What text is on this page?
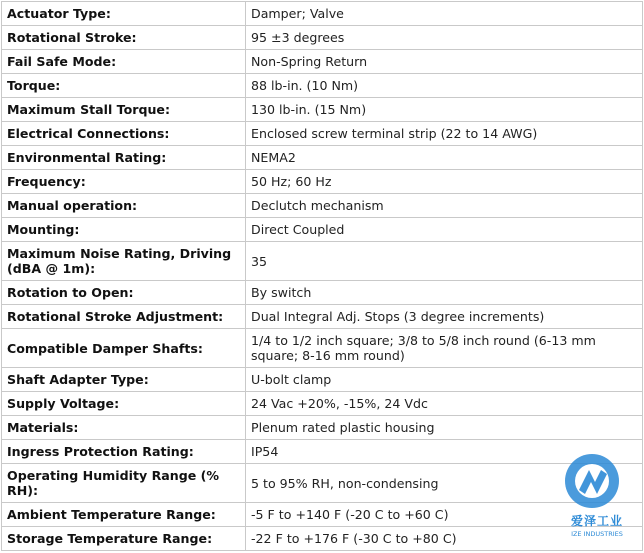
Actuator Type:	Damper; Valve
Rotational Stroke:	95 ±3 degrees
Fail Safe Mode:	Non-Spring Return
Torque:	88 lb-in. (10 Nm)
Maximum Stall Torque:	130 lb-in. (15 Nm)
Electrical Connections:	Enclosed screw terminal strip (22 to 14 AWG)
Environmental Rating:	NEMA2
Frequency:	50 Hz; 60 Hz
Manual operation:	Declutch mechanism
Mounting:	Direct Coupled
Maximum Noise Rating, Driving (dBA @ 1m):	35
Rotation to Open:	By switch
Rotational Stroke Adjustment:	Dual Integral Adj. Stops (3 degree increments)
Compatible Damper Shafts:	1/4 to 1/2 inch square; 3/8 to 5/8 inch round (6-13 mm square; 8-16 mm round)
Shaft Adapter Type:	U-bolt clamp
Supply Voltage:	24 Vac +20%, -15%, 24 Vdc
Materials:	Plenum rated plastic housing
Ingress Protection Rating:	IP54
Operating Humidity Range (% RH):	5 to 95% RH, non-condensing
Ambient Temperature Range:	-5 F to +140 F (-20 C to +60 C)
Storage Temperature Range:	-22 F to +176 F (-30 C to +80 C)
爱泽工业
IZE INDUSTRIES
